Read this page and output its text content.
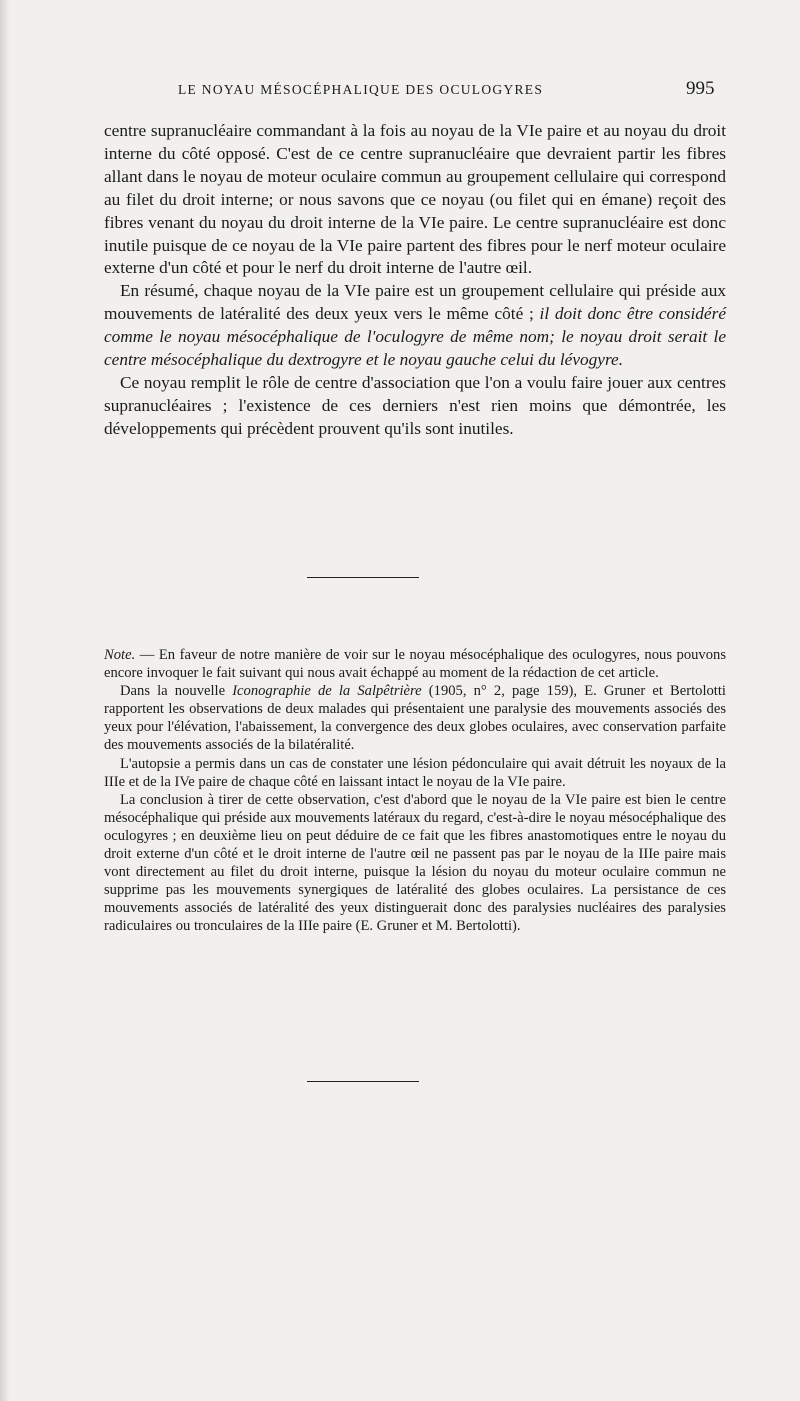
LE NOYAU MÉSOCÉPHALIQUE DES OCULOGYRES	995

centre supranucléaire commandant à la fois au noyau de la VIe paire et au noyau du droit interne du côté opposé. C'est de ce centre supranucléaire que devraient partir les fibres allant dans le noyau de moteur oculaire commun au groupement cellulaire qui correspond au filet du droit interne; or nous savons que ce noyau (ou filet qui en émane) reçoit des fibres venant du noyau du droit interne de la VIe paire. Le centre supranucléaire est donc inutile puisque de ce noyau de la VIe paire partent des fibres pour le nerf moteur oculaire externe d'un côté et pour le nerf du droit interne de l'autre œil.

En résumé, chaque noyau de la VIe paire est un groupement cellulaire qui préside aux mouvements de latéralité des deux yeux vers le même côté ; il doit donc être considéré comme le noyau mésocéphalique de l'oculogyre de même nom; le noyau droit serait le centre mésocéphalique du dextrogyre et le noyau gauche celui du lévogyre.

Ce noyau remplit le rôle de centre d'association que l'on a voulu faire jouer aux centres supranucléaires ; l'existence de ces derniers n'est rien moins que démontrée, les développements qui précèdent prouvent qu'ils sont inutiles.

Note. — En faveur de notre manière de voir sur le noyau mésocéphalique des oculogyres, nous pouvons encore invoquer le fait suivant qui nous avait échappé au moment de la rédaction de cet article.

Dans la nouvelle Iconographie de la Salpêtrière (1905, n° 2, page 159), E. Gruner et Bertolotti rapportent les observations de deux malades qui présentaient une paralysie des mouvements associés des yeux pour l'élévation, l'abaissement, la convergence des deux globes oculaires, avec conservation parfaite des mouvements associés de la bilatéralité.

L'autopsie a permis dans un cas de constater une lésion pédonculaire qui avait détruit les noyaux de la IIIe et de la IVe paire de chaque côté en laissant intact le noyau de la VIe paire.

La conclusion à tirer de cette observation, c'est d'abord que le noyau de la VIe paire est bien le centre mésocéphalique qui préside aux mouvements latéraux du regard, c'est-à-dire le noyau mésocéphalique des oculogyres ; en deuxième lieu on peut déduire de ce fait que les fibres anastomotiques entre le noyau du droit externe d'un côté et le droit interne de l'autre œil ne passent pas par le noyau de la IIIe paire mais vont directement au filet du droit interne, puisque la lésion du noyau du moteur oculaire commun ne supprime pas les mouvements synergiques de latéralité des globes oculaires. La persistance de ces mouvements associés de latéralité des yeux distinguerait donc des paralysies nucléaires des paralysies radiculaires ou tronculaires de la IIIe paire (E. Gruner et M. Bertolotti).
